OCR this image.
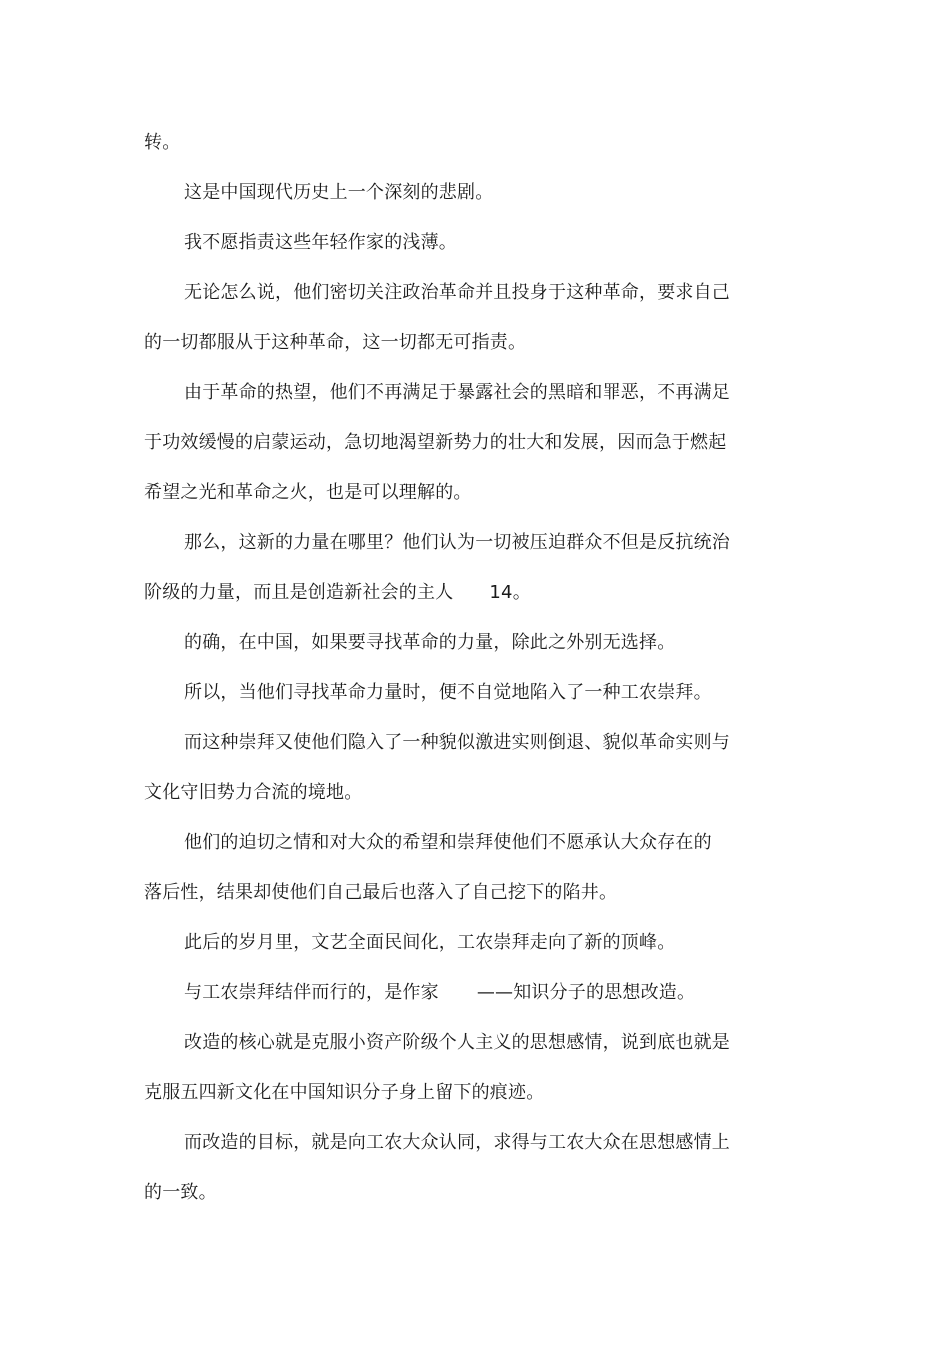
转。
这是中国现代历史上一个深刻的悲剧。
我不愿指责这些年轻作家的浅薄。
无论怎么说，他们密切关注政治革命并且投身于这种革命，要求自己
的一切都服从于这种革命，这一切都无可指责。
由于革命的热望，他们不再满足于暴露社会的黑暗和罪恶，不再满足
于功效缓慢的启蒙运动，急切地渴望新势力的壮大和发展，因而急于燃起
希望之光和革命之火，也是可以理解的。
那么，这新的力量在哪里？他们认为一切被压迫群众不但是反抗统治
阶级的力量，而且是创造新社会的主人 14。
的确，在中国，如果要寻找革命的力量，除此之外别无选择。
所以，当他们寻找革命力量时，便不自觉地陷入了一种工农崇拜。
而这种崇拜又使他们隐入了一种貌似激进实则倒退、貌似革命实则与
文化守旧势力合流的境地。
他们的迫切之情和对大众的希望和崇拜使他们不愿承认大众存在的
落后性，结果却使他们自己最后也落入了自己挖下的陷井。
此后的岁月里，文艺全面民间化，工农崇拜走向了新的顶峰。
与工农崇拜结伴而行的，是作家 ——知识分子的思想改造。
改造的核心就是克服小资产阶级个人主义的思想感情，说到底也就是
克服五四新文化在中国知识分子身上留下的痕迹。
而改造的目标，就是向工农大众认同，求得与工农大众在思想感情上
的一致。
